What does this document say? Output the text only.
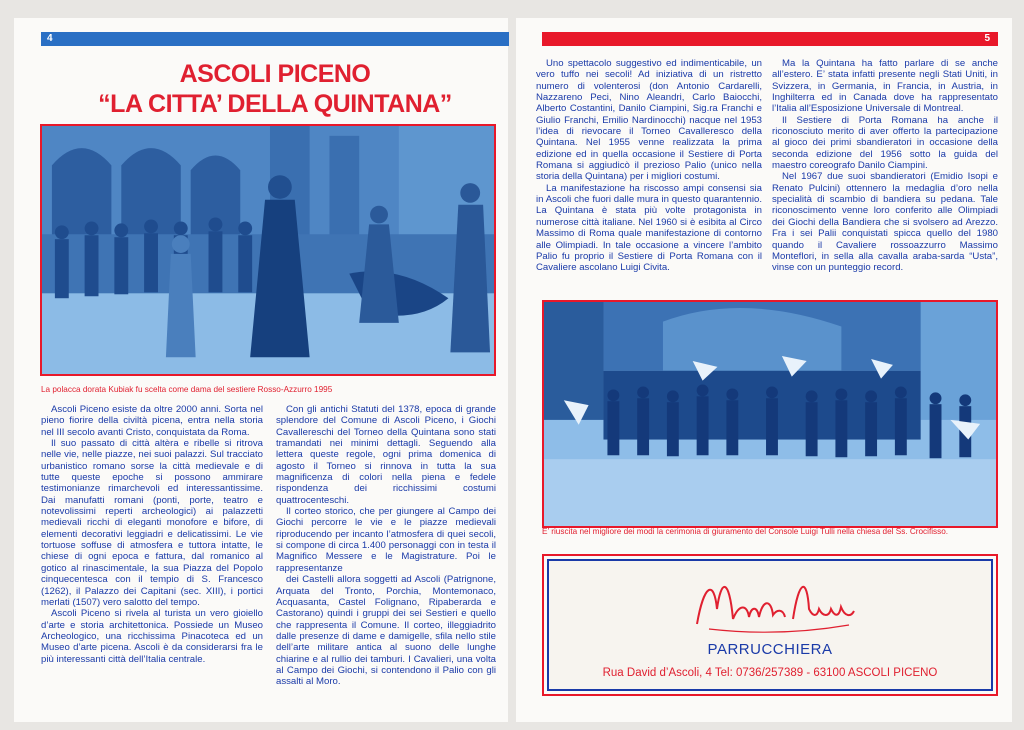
4
ASCOLI PICENO
“LA CITTA’ DELLA QUINTANA”
La polacca dorata Kubiak fu scelta come dama del sestiere Rosso-Azzurro 1995

Ascoli Piceno esiste da oltre 2000 anni. Sorta nel pieno fiorire della civiltà picena, entra nella storia nel III secolo avanti Cristo, conquistata da Roma.

Il suo passato di città altèra e ribelle si ritrova nelle vie, nelle piazze, nei suoi palazzi. Sul tracciato urbanistico romano sorse la città medievale e di tutte queste epoche si possono ammirare testimonianze rimarchevoli ed interessantissime. Dai manufatti romani (ponti, porte, teatro e notevolissimi reperti archeologici) ai palazzetti medievali ricchi di eleganti monofore e bifore, di elementi decorativi leggiadri e delicatissimi. Le vie tortuose soffuse di atmosfera e tuttora intatte, le chiese di ogni epoca e fattura, dal romanico al gotico al rinascimentale, la sua Piazza del Popolo cinquecentesca con il tempio di S. Francesco (1262), il Palazzo dei Capitani (sec. XIII), i portici merlati (1507) vero salotto del tempo.

Ascoli Piceno si rivela al turista un vero gioiello d’arte e storia architettonica. Possiede un Museo Archeologico, una ricchissima Pinacoteca ed un Museo d’arte picena. Ascoli è da considerarsi fra le più interessanti città dell’Italia centrale.

Con gli antichi Statuti del 1378, epoca di grande splendore del Comune di Ascoli Piceno, i Giochi Cavallereschi del Torneo della Quintana sono stati tramandati nei minimi dettagli. Seguendo alla lettera queste regole, ogni prima domenica di agosto il Torneo si rinnova in tutta la sua magnificenza di colori nella piena e fedele rispondenza dei ricchissimi costumi quattrocenteschi.

Il corteo storico, che per giungere al Campo dei Giochi percorre le vie e le piazze medievali riproducendo per incanto l’atmosfera di quei secoli, si compone di circa 1.400 personaggi con in testa il Magnifico Messere e le Magistrature. Poi le rappresentanze

dei Castelli allora soggetti ad Ascoli (Patrignone, Arquata del Tronto, Porchia, Montemonaco, Acquasanta, Castel Folignano, Ripaberarda e Castorano) quindi i gruppi dei sei Sestieri e quello che rappresenta il Comune. Il corteo, illeggiadrito dalle presenze di dame e damigelle, sfila nello stile dell’arte militare antica al suono delle lunghe chiarine e al rullio dei tamburi. I Cavalieri, una volta al Campo dei Giochi, si contendono il Palio con gli assalti al Moro.

5

Uno spettacolo suggestivo ed indimenticabile, un vero tuffo nei secoli! Ad iniziativa di un ristretto numero di volenterosi (don Antonio Cardarelli, Nazzareno Peci, Nino Aleandri, Carlo Baiocchi, Alberto Costantini, Danilo Ciampini, Sig.ra Franchi e Giulio Franchi, Emilio Nardinocchi) nacque nel 1953 l’idea di rievocare il Torneo Cavalleresco della Quintana. Nel 1955 venne realizzata la prima edizione ed in quella occasione il Sestiere di Porta Romana si aggiudicò il prezioso Palio (unico nella storia della Quintana) per i migliori costumi.

La manifestazione ha riscosso ampi consensi sia in Ascoli che fuori dalle mura in questo quarantennio. La Quintana è stata più volte protagonista in numerose città italiane. Nel 1960 si è esibita al Circo Massimo di Roma quale manifestazione di contorno alle Olimpiadi. In tale occasione a vincere l’ambito Palio fu proprio il Sestiere di Porta Romana con il Cavaliere ascolano Luigi Civita.

Ma la Quintana ha fatto parlare di se anche all’estero. E’ stata infatti presente negli Stati Uniti, in Svizzera, in Germania, in Francia, in Austria, in Inghilterra ed in Canada dove ha rappresentato l’Italia all’Esposizione Universale di Montreal.

Il Sestiere di Porta Romana ha anche il riconosciuto merito di aver offerto la partecipazione al gioco dei primi sbandieratori in occasione della seconda edizione del 1956 sotto la guida del maestro coreografo Danilo Ciampini.

Nel 1967 due suoi sbandieratori (Emidio Isopi e Renato Pulcini) ottennero la medaglia d’oro nella specialità di scambio di bandiera su pedana. Tale riconoscimento venne loro conferito alle Olimpiadi dei Giochi della Bandiera che si svolsero ad Arezzo. Fra i sei Palii conquistati spicca quello del 1980 quando il Cavaliere rossoazzurro Massimo Monteflori, in sella alla cavalla araba-sarda “Usta”, vinse con un punteggio record.

E’ riuscita nel migliore dei modi la cerimonia di giuramento del Console Luigi Tulli nella chiesa del Ss. Crocifisso.
PARRUCCHIERA
Rua David d’Ascoli, 4 Tel: 0736/257389 - 63100 ASCOLI PICENO
